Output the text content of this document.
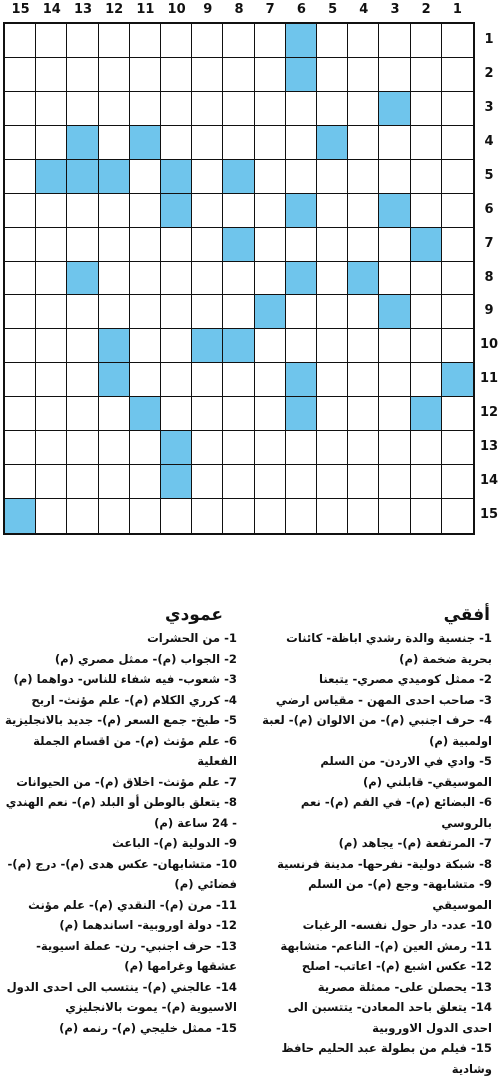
15	14	13	12	11	10	9	8	7	6	5	4	3	2	1
1
2
3
4
5
6
7
8
9
10
11
12
13
14
15
أفقي
عمودي

1- جنسية والدة رشدي اباظة- كائنات بحرية ضخمة (م)

2- ممثل كوميدي مصري- يتبعنا

3- صاحب احدى المهن - مقياس ارضي

4- حرف اجنبي (م)- من الالوان (م)- لعبة اولمبية (م)

5- وادي في الاردن- من السلم الموسيقي- قابلني (م)

6- البضائع (م)- في الفم (م)- نعم بالروسي

7- المرتفعة (م)- يجاهد (م)

8- شبكة دولية- نفرحها- مدينة فرنسية

9- متشابهة- وجع (م)- من السلم الموسيقي

10- عدد- دار حول نفسه- الرغبات

11- رمش العين (م)- الناعم- متشابهة

12- عكس اشبع (م)- اعاتب- اصلح

13- يحصلن على- ممثلة مصرية

14- يتعلق باحد المعادن- يتتسبن الى احدى الدول الاوروبية

15- فيلم من بطولة عبد الحليم حافظ وشادية

1- من الحشرات

2- الجواب (م)- ممثل مصري (م)

3- شعوب- فيه شفاء للناس- دواهما (م)

4- كرري الكلام (م)- علم مؤنث- اربح

5- طبخ- جمع السعر (م)- جديد بالانجليزية

6- علم مؤنث (م)- من اقسام الجملة الفعلية

7- علم مؤنث- اخلاق (م)- من الحيوانات

8- يتعلق بالوطن أو البلد (م)- نعم الهندي - 24 ساعة (م)

9- الدولية (م)- الباعث

10- متشابهان- عكس هدى (م)- درج (م)- فضائي (م)

11- مرن (م)- النقدي (م)- علم مؤنث

12- دولة اوروبية- اساندهما (م)

13- حرف اجنبي- رن- عملة اسيوية- عشقها وغرامها (م)

14- عالجني (م)- ينتسب الى احدى الدول الاسيوية (م)- يموت بالانجليزي

15- ممثل خليجي (م)- رنمه (م)
